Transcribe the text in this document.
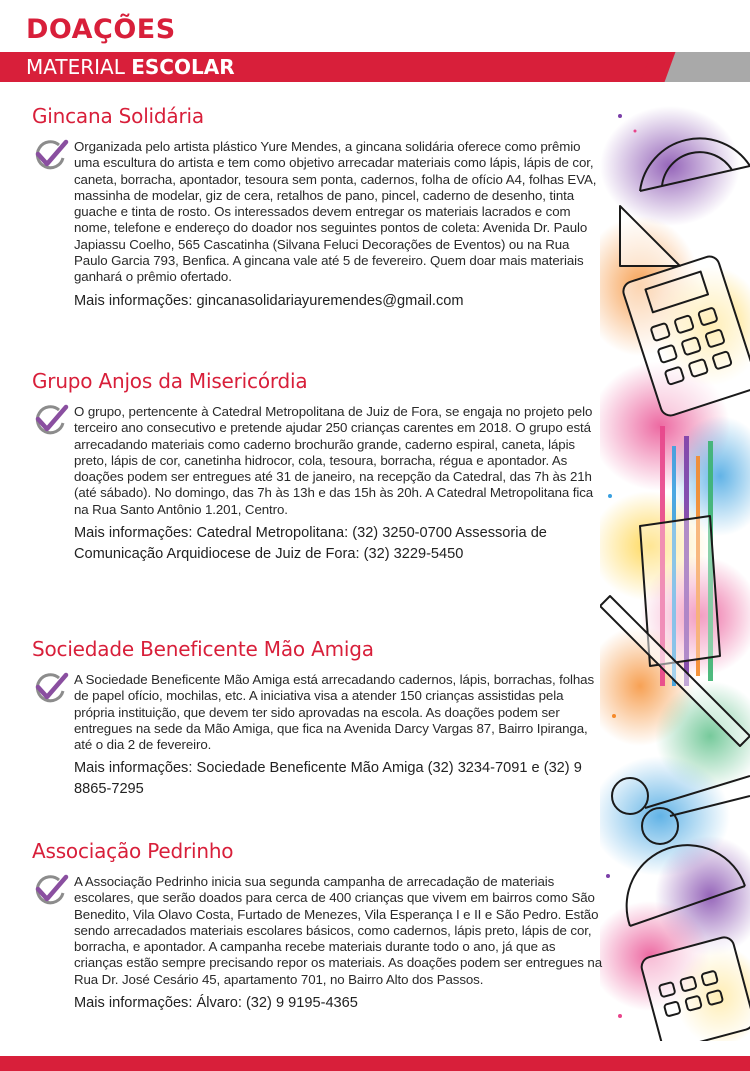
DOAÇÕES
MATERIAL ESCOLAR
Gincana Solidária

Organizada pelo artista plástico Yure Mendes, a gincana solidária oferece como prêmio uma escultura do artista e tem como objetivo arrecadar materiais como lápis, lápis de cor, caneta, borracha, apontador, tesoura sem ponta, cadernos, folha de ofício A4, folhas EVA, massinha de modelar, giz de cera, retalhos de pano, pincel, caderno de desenho, tinta guache e tinta de rosto. Os interessados devem entregar os materiais lacrados e com nome, telefone e endereço do doador nos seguintes pontos de coleta: Avenida Dr. Paulo Japiassu Coelho, 565 Cascatinha (Silvana Feluci Decorações de Eventos) ou na Rua Paulo Garcia 793, Benfica. A gincana vale até 5 de fevereiro. Quem doar mais materiais ganhará o prêmio ofertado.

Mais informações: gincanasolidariayuremendes@gmail.com

Grupo Anjos da Misericórdia

O grupo, pertencente à Catedral Metropolitana de Juiz de Fora, se engaja no projeto pelo terceiro ano consecutivo e pretende ajudar 250 crianças carentes em 2018. O grupo está arrecadando materiais como caderno brochurão grande, caderno espiral, caneta, lápis preto, lápis de cor, canetinha hidrocor, cola, tesoura, borracha, régua e apontador. As doações podem ser entregues até 31 de janeiro, na recepção da Catedral, das 7h às 21h (até sábado). No domingo, das 7h às 13h e das 15h às 20h. A Catedral Metropolitana fica na Rua Santo Antônio 1.201, Centro.

Mais informações: Catedral Metropolitana: (32) 3250-0700 Assessoria de Comunicação Arquidiocese de Juiz de Fora: (32) 3229-5450

Sociedade Beneficente Mão Amiga

A Sociedade Beneficente Mão Amiga está arrecadando cadernos, lápis, borrachas, folhas de papel ofício, mochilas, etc. A iniciativa visa a atender 150 crianças assistidas pela própria instituição, que devem ter sido aprovadas na escola. As doações podem ser entregues na sede da Mão Amiga, que fica na Avenida Darcy Vargas 87, Bairro Ipiranga, até o dia 2 de fevereiro.

Mais informações: Sociedade Beneficente Mão Amiga (32) 3234-7091 e (32) 9 8865-7295

Associação Pedrinho

A Associação Pedrinho inicia sua segunda campanha de arrecadação de materiais escolares, que serão doados para cerca de 400 crianças que vivem em bairros como São Benedito, Vila Olavo Costa, Furtado de Menezes, Vila Esperança I e II e São Pedro. Estão sendo arrecadados materiais escolares básicos, como cadernos, lápis preto, lápis de cor, borracha, e apontador. A campanha recebe materiais durante todo o ano, já que as crianças estão sempre precisando repor os materiais. As doações podem ser entregues na Rua Dr. José Cesário 45, apartamento 701, no Bairro Alto dos Passos.

Mais informações: Álvaro: (32) 9 9195-4365
